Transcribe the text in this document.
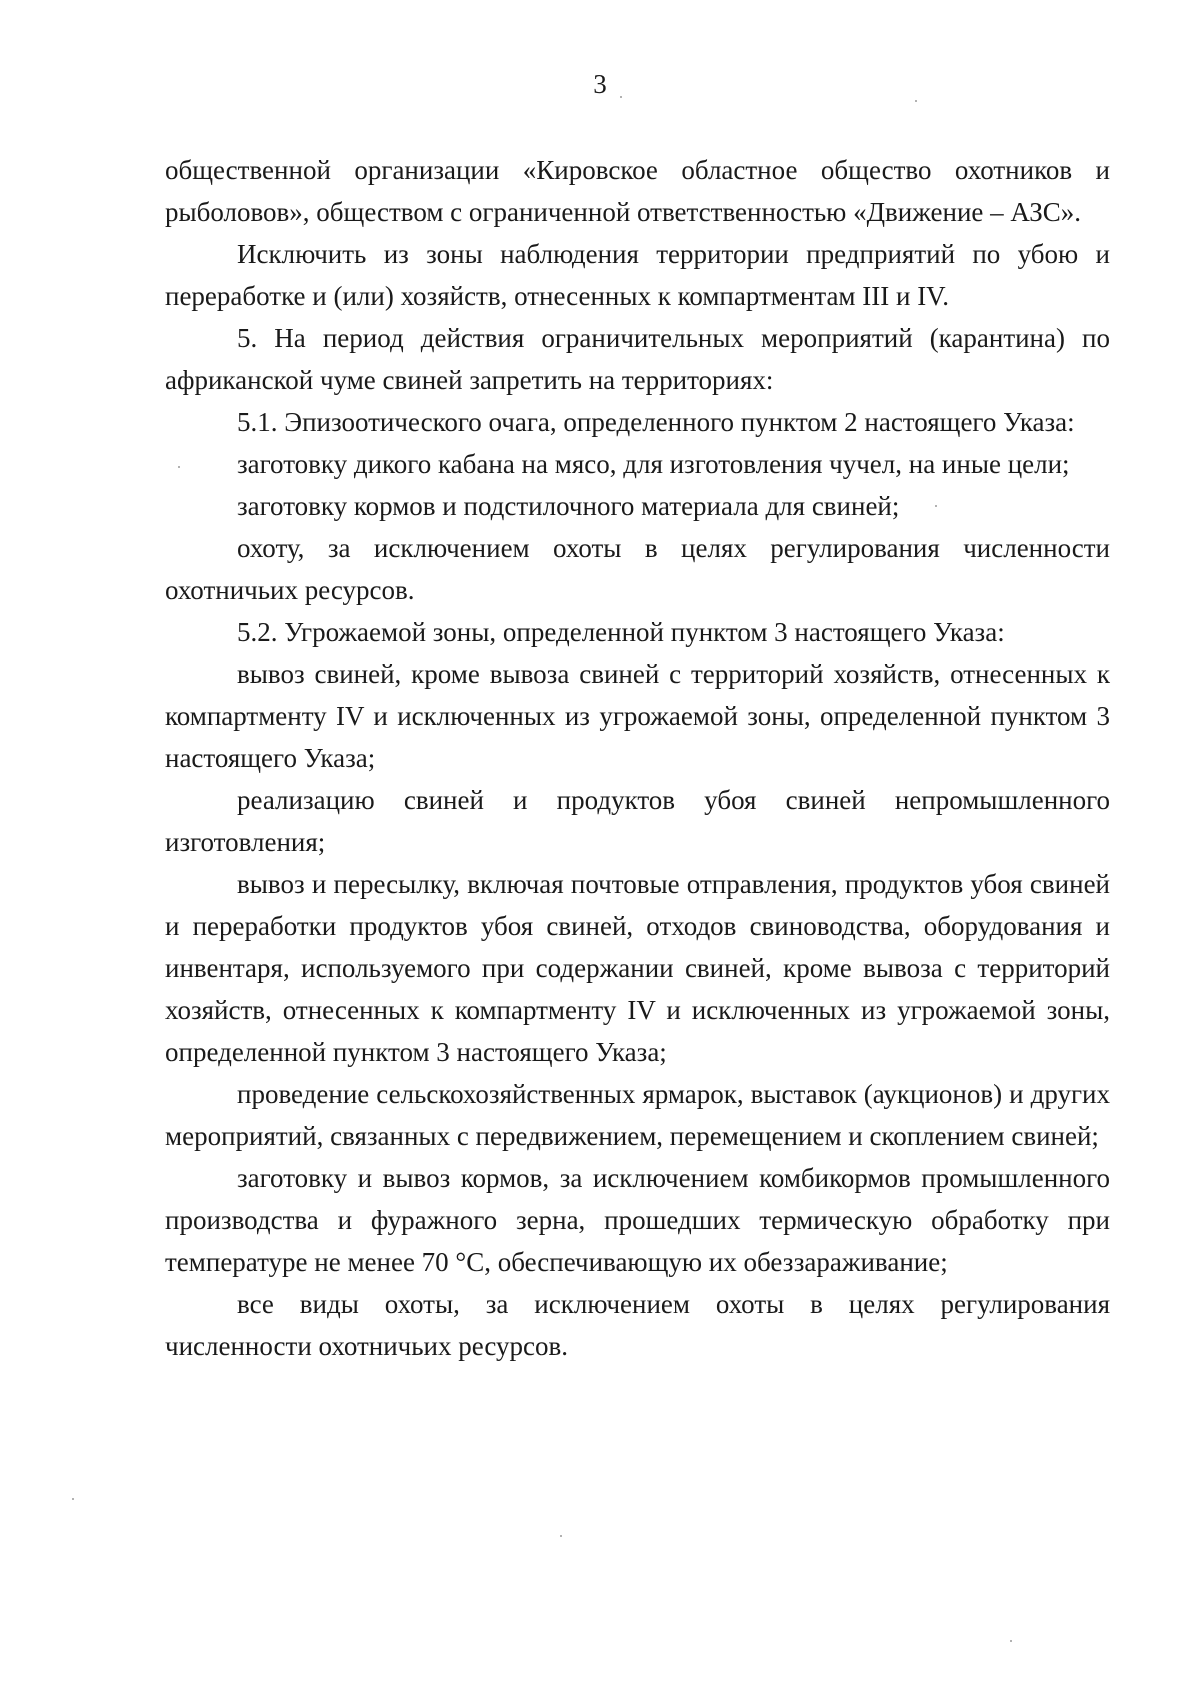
3

общественной организации «Кировское областное общество охотников и рыболовов», обществом с ограниченной ответственностью «Движение – АЗС».

Исключить из зоны наблюдения территории предприятий по убою и переработке и (или) хозяйств, отнесенных к компартментам III и IV.

5. На период действия ограничительных мероприятий (карантина) по африканской чуме свиней запретить на территориях:

5.1. Эпизоотического очага, определенного пунктом 2 настоящего Указа:

заготовку дикого кабана на мясо, для изготовления чучел, на иные цели;

заготовку кормов и подстилочного материала для свиней;

охоту, за исключением охоты в целях регулирования численности охотничьих ресурсов.

5.2. Угрожаемой зоны, определенной пунктом 3 настоящего Указа:

вывоз свиней, кроме вывоза свиней с территорий хозяйств, отнесенных к компартменту IV и исключенных из угрожаемой зоны, определенной пунктом 3 настоящего Указа;

реализацию свиней и продуктов убоя свиней непромышленного изготовления;

вывоз и пересылку, включая почтовые отправления, продуктов убоя свиней и переработки продуктов убоя свиней, отходов свиноводства, оборудования и инвентаря, используемого при содержании свиней, кроме вывоза с территорий хозяйств, отнесенных к компартменту IV и исключенных из угрожаемой зоны, определенной пунктом 3 настоящего Указа;

проведение сельскохозяйственных ярмарок, выставок (аукционов) и других мероприятий, связанных с передвижением, перемещением и скоплением свиней;

заготовку и вывоз кормов, за исключением комбикормов промышленного производства и фуражного зерна, прошедших термическую обработку при температуре не менее 70 °С, обеспечивающую их обеззараживание;

все виды охоты, за исключением охоты в целях регулирования численности охотничьих ресурсов.
